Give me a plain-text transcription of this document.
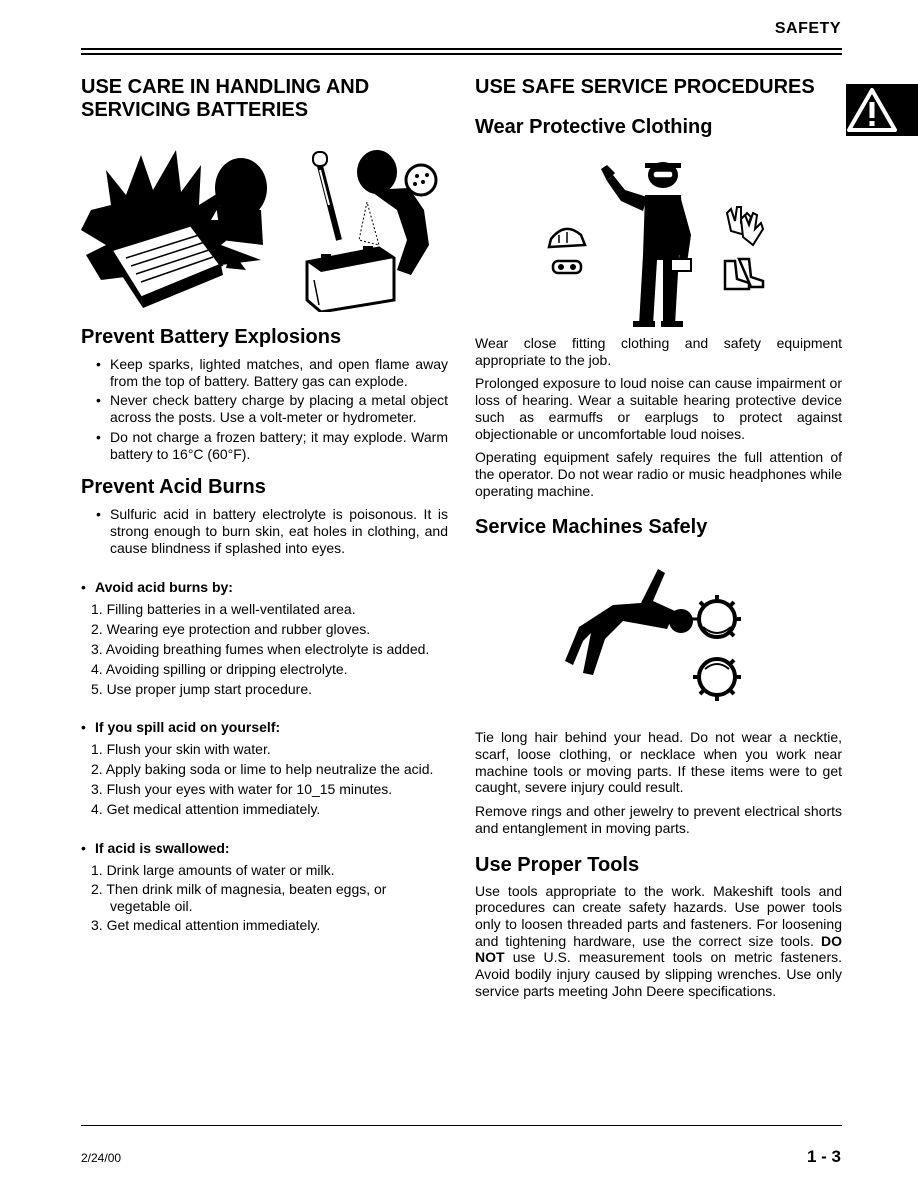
SAFETY
USE CARE IN HANDLING AND
SERVICING BATTERIES
Prevent Battery Explosions
• Keep sparks, lighted matches, and open flame away from the top of battery. Battery gas can explode.
• Never check battery charge by placing a metal object across the posts. Use a volt-meter or hydrometer.
• Do not charge a frozen battery; it may explode. Warm battery to 16°C (60°F).
Prevent Acid Burns
• Sulfuric acid in battery electrolyte is poisonous. It is strong enough to burn skin, eat holes in clothing, and cause blindness if splashed into eyes.
• Avoid acid burns by:
1. Filling batteries in a well-ventilated area.
2. Wearing eye protection and rubber gloves.
3. Avoiding breathing fumes when electrolyte is added.
4. Avoiding spilling or dripping electrolyte.
5. Use proper jump start procedure.
• If you spill acid on yourself:
1. Flush your skin with water.
2. Apply baking soda or lime to help neutralize the acid.
3. Flush your eyes with water for 10_15 minutes.
4. Get medical attention immediately.
• If acid is swallowed:
1. Drink large amounts of water or milk.
2. Then drink milk of magnesia, beaten eggs, or vegetable oil.
3. Get medical attention immediately.
USE SAFE SERVICE PROCEDURES
Wear Protective Clothing

Wear close fitting clothing and safety equipment appropriate to the job.

Prolonged exposure to loud noise can cause impairment or loss of hearing. Wear a suitable hearing protective device such as earmuffs or earplugs to protect against objectionable or uncomfortable loud noises.

Operating equipment safely requires the full attention of the operator. Do not wear radio or music headphones while operating machine.

Service Machines Safely

Tie long hair behind your head. Do not wear a necktie, scarf, loose clothing, or necklace when you work near machine tools or moving parts. If these items were to get caught, severe injury could result.

Remove rings and other jewelry to prevent electrical shorts and entanglement in moving parts.

Use Proper Tools

Use tools appropriate to the work. Makeshift tools and procedures can create safety hazards. Use power tools only to loosen threaded parts and fasteners. For loosening and tightening hardware, use the correct size tools. DO NOT use U.S. measurement tools on metric fasteners. Avoid bodily injury caused by slipping wrenches. Use only service parts meeting John Deere specifications.

2/24/00	1 - 3
